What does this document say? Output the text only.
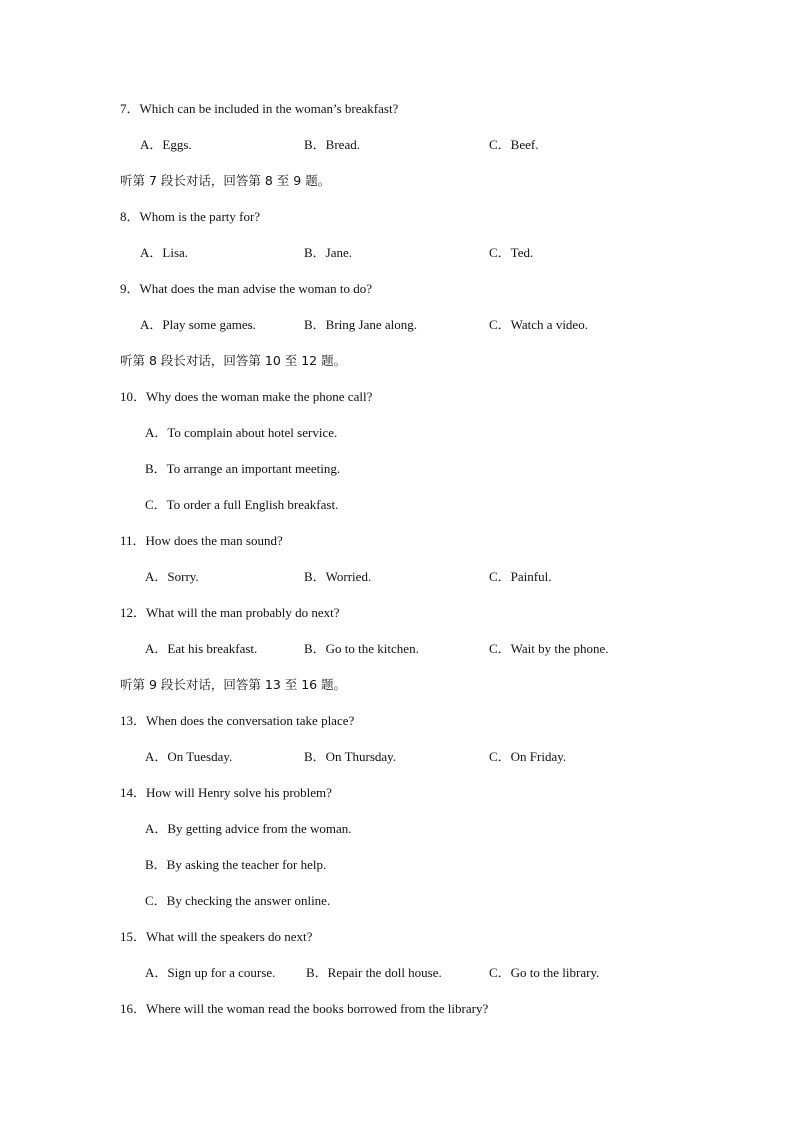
7．Which can be included in the woman’s breakfast?
A．Eggs.	B．Bread.	C．Beef.
听第 7 段长对话，回答第 8 至 9 题。
8．Whom is the party for?
A．Lisa.	B．Jane.	C．Ted.
9．What does the man advise the woman to do?
A．Play some games.	B．Bring Jane along.	C．Watch a video.
听第 8 段长对话，回答第 10 至 12 题。
10．Why does the woman make the phone call?
A．To complain about hotel service.
B．To arrange an important meeting.
C．To order a full English breakfast.
11．How does the man sound?
A．Sorry.	B．Worried.	C．Painful.
12．What will the man probably do next?
A．Eat his breakfast.	B．Go to the kitchen.	C．Wait by the phone.
听第 9 段长对话，回答第 13 至 16 题。
13．When does the conversation take place?
A．On Tuesday.	B．On Thursday.	C．On Friday.
14．How will Henry solve his problem?
A．By getting advice from the woman.
B．By asking the teacher for help.
C．By checking the answer online.
15．What will the speakers do next?
A．Sign up for a course. B．Repair the doll house.	C．Go to the library.
16．Where will the woman read the books borrowed from the library?
